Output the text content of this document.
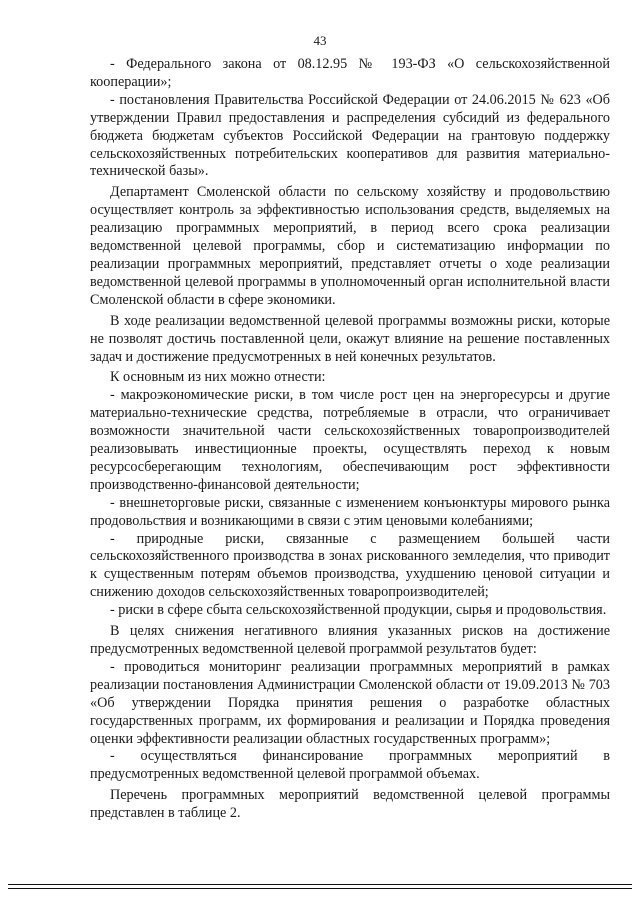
43

- Федерального закона от 08.12.95 № 193-ФЗ «О сельскохозяйственной кооперации»;

- постановления Правительства Российской Федерации от 24.06.2015 № 623 «Об утверждении Правил предоставления и распределения субсидий из федерального бюджета бюджетам субъектов Российской Федерации на грантовую поддержку сельскохозяйственных потребительских кооперативов для развития материально-технической базы».

Департамент Смоленской области по сельскому хозяйству и продовольствию осуществляет контроль за эффективностью использования средств, выделяемых на реализацию программных мероприятий, в период всего срока реализации ведомственной целевой программы, сбор и систематизацию информации по реализации программных мероприятий, представляет отчеты о ходе реализации ведомственной целевой программы в уполномоченный орган исполнительной власти Смоленской области в сфере экономики.

В ходе реализации ведомственной целевой программы возможны риски, которые не позволят достичь поставленной цели, окажут влияние на решение поставленных задач и достижение предусмотренных в ней конечных результатов.

К основным из них можно отнести:

- макроэкономические риски, в том числе рост цен на энергоресурсы и другие материально-технические средства, потребляемые в отрасли, что ограничивает возможности значительной части сельскохозяйственных товаропроизводителей реализовывать инвестиционные проекты, осуществлять переход к новым ресурсосберегающим технологиям, обеспечивающим рост эффективности производственно-финансовой деятельности;

- внешнеторговые риски, связанные с изменением конъюнктуры мирового рынка продовольствия и возникающими в связи с этим ценовыми колебаниями;

- природные риски, связанные с размещением большей части сельскохозяйственного производства в зонах рискованного земледелия, что приводит к существенным потерям объемов производства, ухудшению ценовой ситуации и снижению доходов сельскохозяйственных товаропроизводителей;

- риски в сфере сбыта сельскохозяйственной продукции, сырья и продовольствия.

В целях снижения негативного влияния указанных рисков на достижение предусмотренных ведомственной целевой программой результатов будет:

- проводиться мониторинг реализации программных мероприятий в рамках реализации постановления Администрации Смоленской области от 19.09.2013 № 703 «Об утверждении Порядка принятия решения о разработке областных государственных программ, их формирования и реализации и Порядка проведения оценки эффективности реализации областных государственных программ»;

- осуществляться финансирование программных мероприятий в предусмотренных ведомственной целевой программой объемах.

Перечень программных мероприятий ведомственной целевой программы представлен в таблице 2.
